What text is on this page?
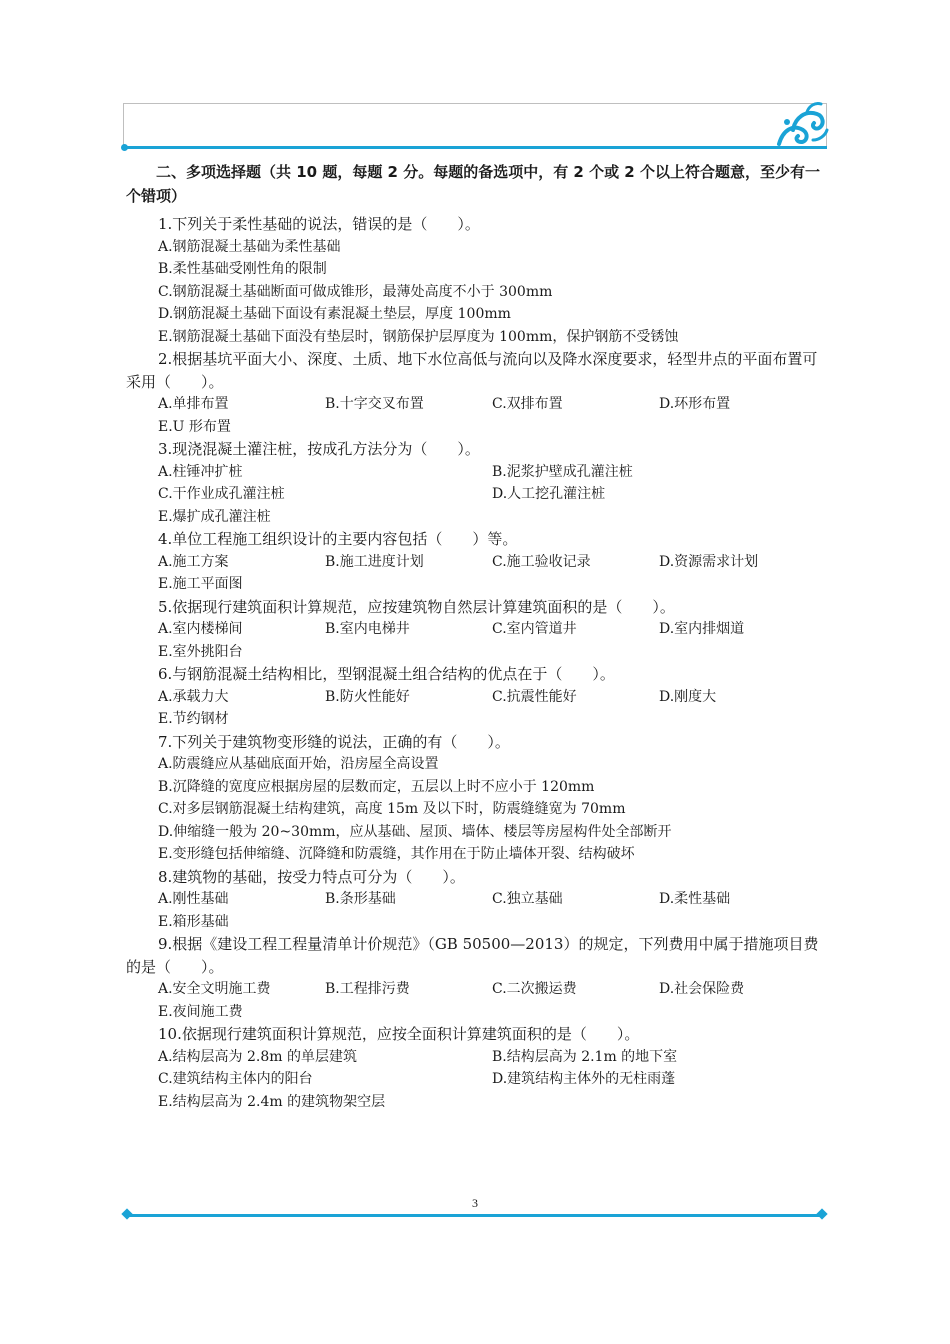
二、多项选择题（共 10 题，每题 2 分。每题的备选项中，有 2 个或 2 个以上符合题意，至少有一个错项）

1.下列关于柔性基础的说法，错误的是（　　）。

A.钢筋混凝土基础为柔性基础
B.柔性基础受刚性角的限制
C.钢筋混凝土基础断面可做成锥形，最薄处高度不小于 300mm
D.钢筋混凝土基础下面设有素混凝土垫层，厚度 100mm
E.钢筋混凝土基础下面没有垫层时，钢筋保护层厚度为 100mm，保护钢筋不受锈蚀

2.根据基坑平面大小、深度、土质、地下水位高低与流向以及降水深度要求，轻型井点的平面布置可采用（　　）。

A.单排布置	B.十字交叉布置	C.双排布置	D.环形布置
E.U 形布置

3.现浇混凝土灌注桩，按成孔方法分为（　　）。

A.柱锤冲扩桩	B.泥浆护壁成孔灌注桩
C.干作业成孔灌注桩	D.人工挖孔灌注桩
E.爆扩成孔灌注桩

4.单位工程施工组织设计的主要内容包括（　　）等。

A.施工方案	B.施工进度计划	C.施工验收记录	D.资源需求计划
E.施工平面图

5.依据现行建筑面积计算规范，应按建筑物自然层计算建筑面积的是（　　）。

A.室内楼梯间	B.室内电梯井	C.室内管道井	D.室内排烟道
E.室外挑阳台

6.与钢筋混凝土结构相比，型钢混凝土组合结构的优点在于（　　）。

A.承载力大	B.防火性能好	C.抗震性能好	D.刚度大
E.节约钢材

7.下列关于建筑物变形缝的说法，正确的有（　　）。

A.防震缝应从基础底面开始，沿房屋全高设置
B.沉降缝的宽度应根据房屋的层数而定，五层以上时不应小于 120mm
C.对多层钢筋混凝土结构建筑，高度 15m 及以下时，防震缝缝宽为 70mm
D.伸缩缝一般为 20~30mm，应从基础、屋顶、墙体、楼层等房屋构件处全部断开
E.变形缝包括伸缩缝、沉降缝和防震缝，其作用在于防止墙体开裂、结构破坏

8.建筑物的基础，按受力特点可分为（　　）。

A.刚性基础	B.条形基础	C.独立基础	D.柔性基础
E.箱形基础

9.根据《建设工程工程量清单计价规范》（GB 50500—2013）的规定，下列费用中属于措施项目费的是（　　）。

A.安全文明施工费	B.工程排污费	C.二次搬运费	D.社会保险费
E.夜间施工费

10.依据现行建筑面积计算规范，应按全面积计算建筑面积的是（　　）。

A.结构层高为 2.8m 的单层建筑	B.结构层高为 2.1m 的地下室
C.建筑结构主体内的阳台	D.建筑结构主体外的无柱雨蓬
E.结构层高为 2.4m 的建筑物架空层
3
